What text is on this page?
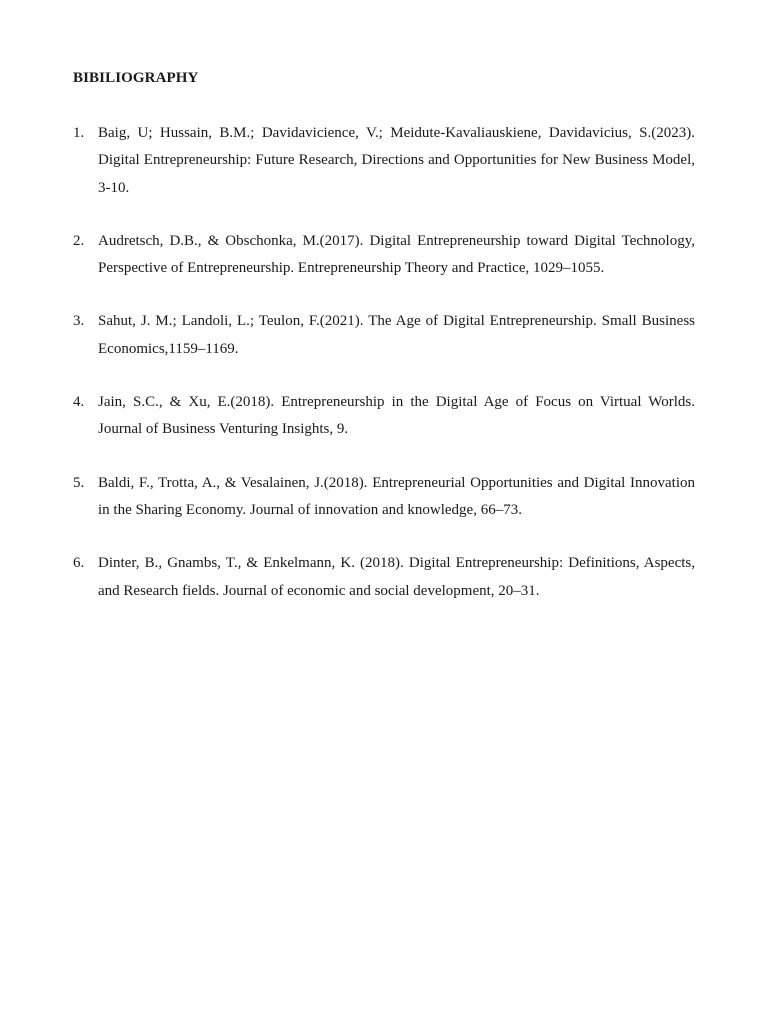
BIBILIOGRAPHY
1. Baig, U; Hussain, B.M.; Davidavicience, V.; Meidute-Kavaliauskiene, Davidavicius, S.(2023). Digital Entrepreneurship: Future Research, Directions and Opportunities for New Business Model, 3-10.
2. Audretsch, D.B., & Obschonka, M.(2017). Digital Entrepreneurship toward Digital Technology, Perspective of Entrepreneurship. Entrepreneurship Theory and Practice, 1029–1055.
3. Sahut, J. M.; Landoli, L.; Teulon, F.(2021). The Age of Digital Entrepreneurship. Small Business Economics,1159–1169.
4. Jain, S.C., & Xu, E.(2018). Entrepreneurship in the Digital Age of Focus on Virtual Worlds. Journal of Business Venturing Insights, 9.
5. Baldi, F., Trotta, A., & Vesalainen, J.(2018). Entrepreneurial Opportunities and Digital Innovation in the Sharing Economy. Journal of innovation and knowledge, 66–73.
6. Dinter, B., Gnambs, T., & Enkelmann, K. (2018). Digital Entrepreneurship: Definitions, Aspects, and Research fields. Journal of economic and social development, 20–31.
